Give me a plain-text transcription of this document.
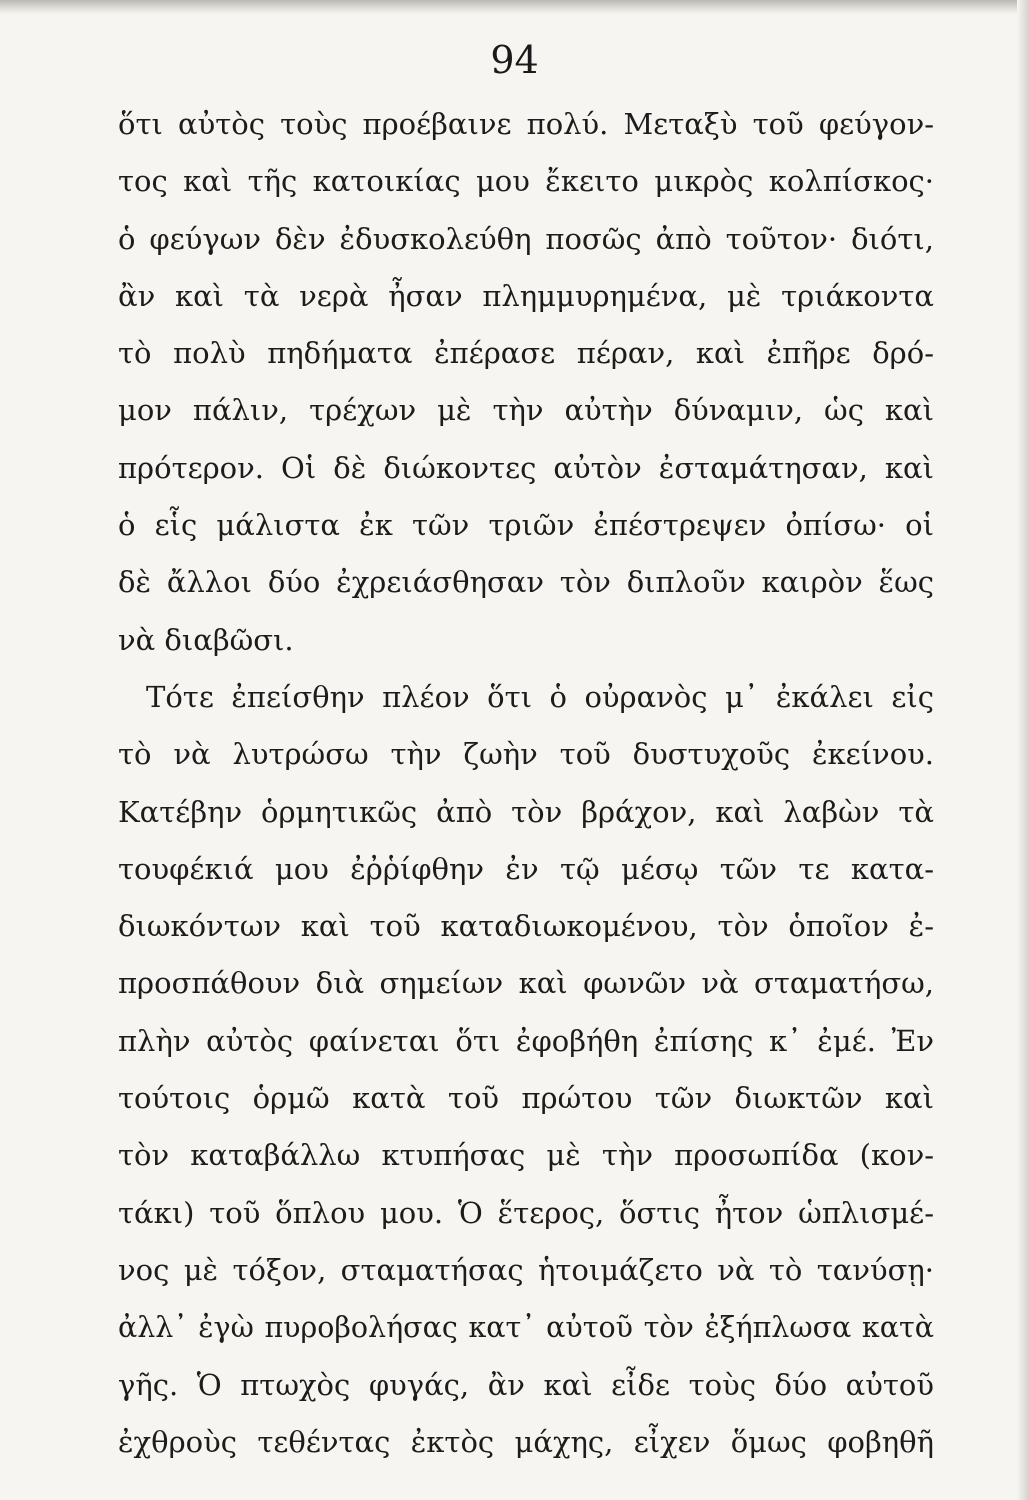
94
ὅτι αὐτὸς τοὺς προέβαινε πολύ. Μεταξὺ τοῦ φεύγον-
τος καὶ τῆς κατοικίας μου ἔκειτο μικρὸς κολπίσκος·
ὁ φεύγων δὲν ἐδυσκολεύθη ποσῶς ἀπὸ τοῦτον· διότι,
ἂν καὶ τὰ νερὰ ἦσαν πλημμυρημένα, μὲ τριάκοντα
τὸ πολὺ πηδήματα ἐπέρασε πέραν, καὶ ἐπῆρε δρό-
μον πάλιν, τρέχων μὲ τὴν αὐτὴν δύναμιν, ὡς καὶ
πρότερον. Οἱ δὲ διώκοντες αὐτὸν ἐσταμάτησαν, καὶ
ὁ εἷς μάλιστα ἐκ τῶν τριῶν ἐπέστρεψεν ὀπίσω· οἱ
δὲ ἄλλοι δύο ἐχρειάσθησαν τὸν διπλοῦν καιρὸν ἕως
νὰ διαβῶσι.
Τότε ἐπείσθην πλέον ὅτι ὁ οὐρανὸς μ᾽ ἐκάλει εἰς
τὸ νὰ λυτρώσω τὴν ζωὴν τοῦ δυστυχοῦς ἐκείνου.
Κατέβην ὁρμητικῶς ἀπὸ τὸν βράχον, καὶ λαβὼν τὰ
τουφέκιά μου ἐῤῥίφθην ἐν τῷ μέσῳ τῶν τε κατα-
διωκόντων καὶ τοῦ καταδιωκομένου, τὸν ὁποῖον ἐ-
προσπάθουν διὰ σημείων καὶ φωνῶν νὰ σταματήσω,
πλὴν αὐτὸς φαίνεται ὅτι ἐφοβήθη ἐπίσης κ᾽ ἐμέ. Ἐν
τούτοις ὁρμῶ κατὰ τοῦ πρώτου τῶν διωκτῶν καὶ
τὸν καταβάλλω κτυπήσας μὲ τὴν προσωπίδα (κον-
τάκι) τοῦ ὅπλου μου. Ὁ ἕτερος, ὅστις ἦτον ὡπλισμέ-
νος μὲ τόξον, σταματήσας ἡτοιμάζετο νὰ τὸ τανύσῃ·
ἀλλ᾽ ἐγὼ πυροβολήσας κατ᾽ αὐτοῦ τὸν ἐξήπλωσα κατὰ
γῆς. Ὁ πτωχὸς φυγάς, ἂν καὶ εἶδε τοὺς δύο αὐτοῦ
ἐχθροὺς τεθέντας ἐκτὸς μάχης, εἶχεν ὅμως φοβηθῆ
